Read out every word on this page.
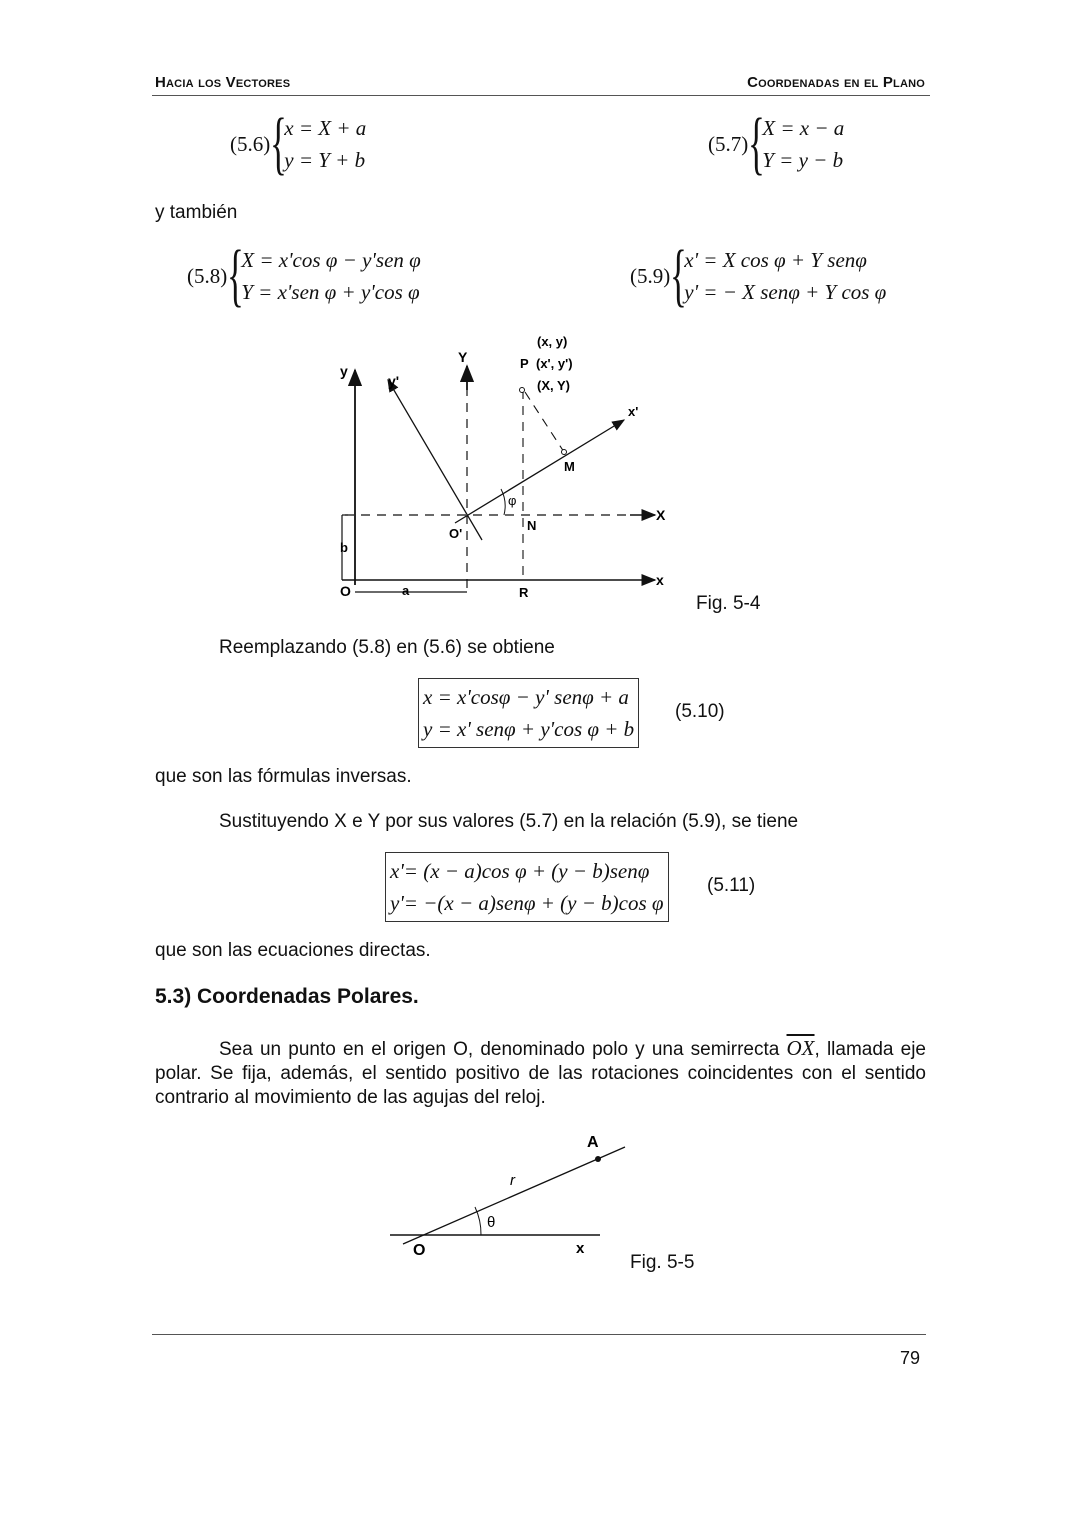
Hacia los Vectores	Coordenadas en el Plano
(5.6) {
x = X + a
y = Y + b
(5.7) {
X = x − a
Y = y − b
y también
(5.8) {
X = x'cos φ − y'sen φ
Y = x'sen φ + y'cos φ
(5.9) {
x' = X cos φ + Y senφ
y' = − X senφ + Y cos φ
y
y'
Y
(x, y)
P (x', y')
(X, Y)
x'
M
φ
X
O'
N
b
O	a	R
x
Fig. 5-4
Reemplazando (5.8) en (5.6) se obtiene
x = x'cosφ − y' senφ + a
y = x' senφ + y'cos φ + b
(5.10)
que son las fórmulas inversas.
Sustituyendo X e Y por sus valores (5.7) en la relación (5.9), se tiene
x'= (x − a)cos φ + (y − b)senφ
y'= −(x − a)senφ + (y − b)cos φ
(5.11)
que son las ecuaciones directas.
5.3) Coordenadas Polares.
Sea un punto en el origen O, denominado polo y una semirrecta $\overline{OX}$, llamada eje polar. Se fija, además, el sentido positivo de las rotaciones coincidentes con el sentido contrario al movimiento de las agujas del reloj.
A
r
θ
O	x
Fig. 5-5
79
